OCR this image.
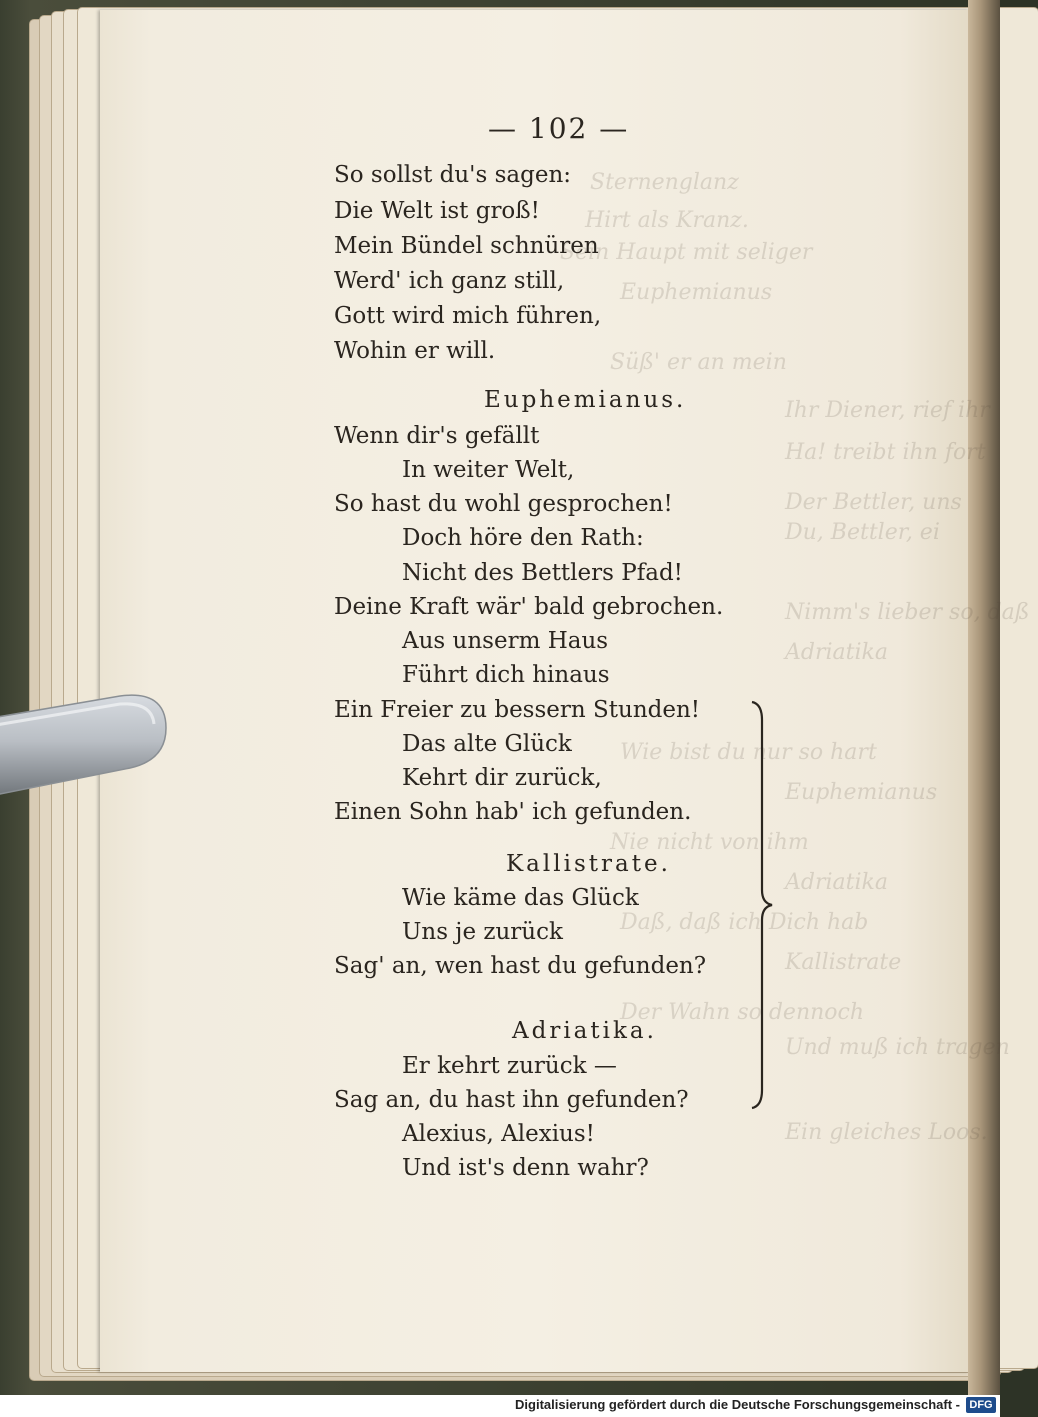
Sternenglanz
Hirt als Kranz.
Sein Haupt mit seliger
Euphemianus
Süß' er an mein
Ihr Diener, rief ihr
Ha! treibt ihn fort
Der Bettler, uns
Du, Bettler, ei
Nimm's lieber so, daß
Adriatika
Wie bist du nur so hart
Euphemianus
Nie nicht von ihm
Adriatika
Daß, daß ich Dich hab
Kallistrate
Der Wahn so dennoch
Und muß ich tragen
Ein gleiches Loos.
— 102 —
So sollst du's sagen:
Die Welt ist groß!
Mein Bündel schnüren
Werd' ich ganz still,
Gott wird mich führen,
Wohin er will.
Euphemianus.
Wenn dir's gefällt
In weiter Welt,
So hast du wohl gesprochen!
Doch höre den Rath:
Nicht des Bettlers Pfad!
Deine Kraft wär' bald gebrochen.
Aus unserm Haus
Führt dich hinaus
Ein Freier zu bessern Stunden!
Das alte Glück
Kehrt dir zurück,
Einen Sohn hab' ich gefunden.
Kallistrate.
Wie käme das Glück
Uns je zurück
Sag' an, wen hast du gefunden?
Adriatika.
Er kehrt zurück —
Sag an, du hast ihn gefunden?
Alexius, Alexius!
Und ist's denn wahr?
Digitalisierung gefördert durch die Deutsche Forschungsgemeinschaft - DFG
